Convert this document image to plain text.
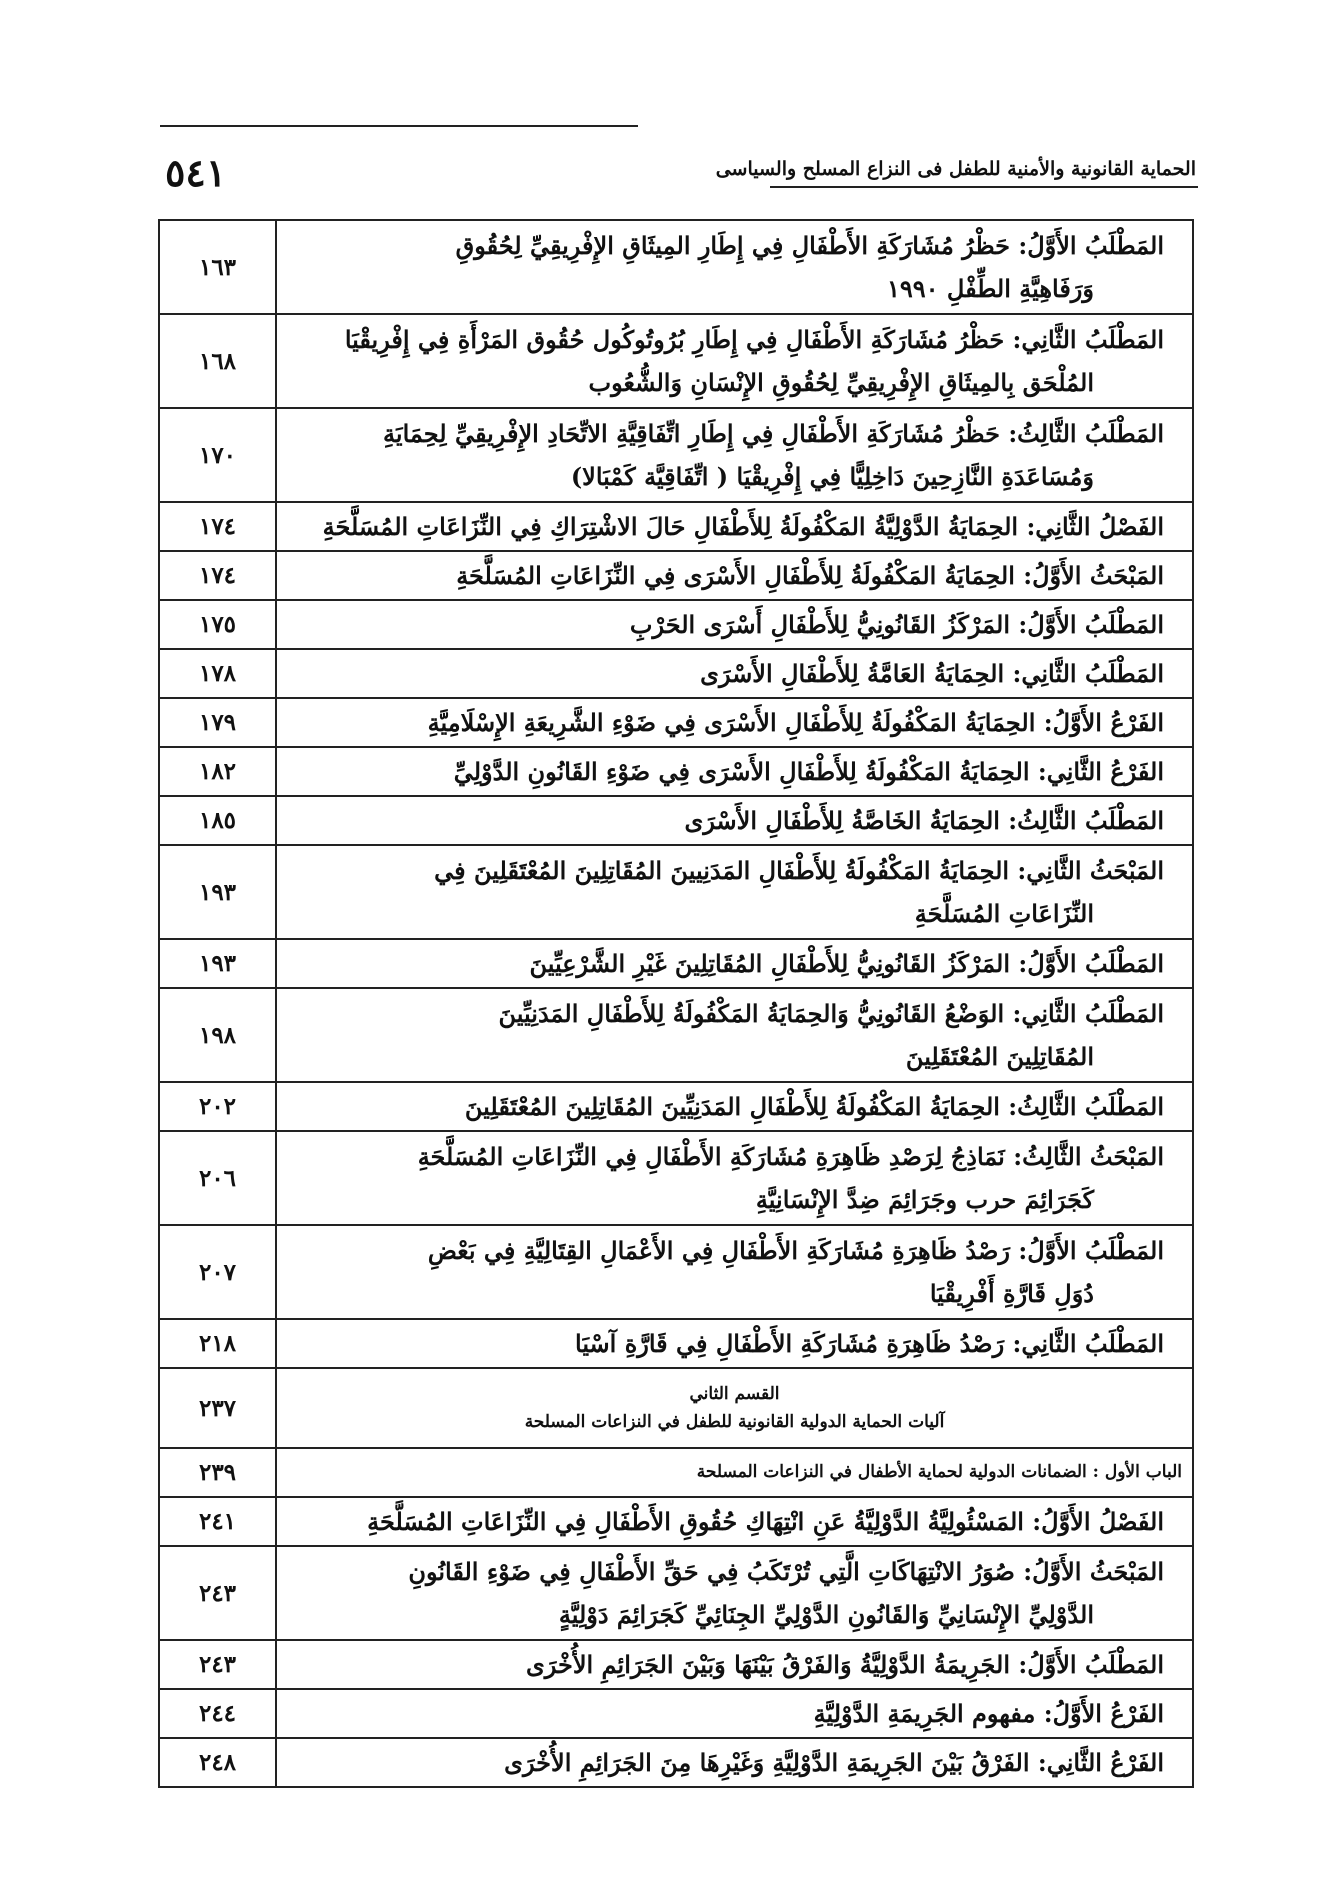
٥٤١	الحماية القانونية والأمنية للطفل فى النزاع المسلح والسياسى
المَطْلَبُ الأَوَّلُ: حَظْرُ مُشَارَكَةِ الأَطْفَالِ فِي إِطَارِ المِيثَاقِ الإِفْرِيقِيِّ لِحُقُوقِ
وَرَفَاهِيَّةِ الطِّفْلِ ١٩٩٠	١٦٣

المَطْلَبُ الثَّانِي: حَظْرُ مُشَارَكَةِ الأَطْفَالِ فِي إِطَارِ بُرُوتُوكُول حُقُوق المَرْأَةِ فِي إِفْرِيقْيَا
المُلْحَق بِالمِيثَاقِ الإِفْرِيقِيِّ لِحُقُوقِ الإِنْسَانِ وَالشُّعُوب	١٦٨

المَطْلَبُ الثَّالِثُ: حَظْرُ مُشَارَكَةِ الأَطْفَالِ فِي إِطَارِ اتِّفَاقِيَّةِ الاتِّحَادِ الإِفْرِيقِيِّ لِحِمَايَةِ
وَمُسَاعَدَةِ النَّازِحِينَ دَاخِلِيًّا فِي إِفْرِيقْيَا ( اتِّفَاقِيَّة كَمْبَالا)	١٧٠

الفَصْلُ الثَّانِي: الحِمَايَةُ الدَّوْلِيَّةُ المَكْفُولَةُ لِلأَطْفَالِ حَالَ الاشْتِرَاكِ فِي النِّزَاعَاتِ المُسَلَّحَةِ	١٧٤

المَبْحَثُ الأَوَّلُ: الحِمَايَةُ المَكْفُولَةُ لِلأَطْفَالِ الأَسْرَى فِي النِّزَاعَاتِ المُسَلَّحَةِ	١٧٤

المَطْلَبُ الأَوَّلُ: المَرْكَزُ القَانُونِيُّ لِلأَطْفَالِ أَسْرَى الحَرْبِ	١٧٥

المَطْلَبُ الثَّانِي: الحِمَايَةُ العَامَّةُ لِلأَطْفَالِ الأَسْرَى	١٧٨

الفَرْعُ الأَوَّلُ: الحِمَايَةُ المَكْفُولَةُ لِلأَطْفَالِ الأَسْرَى فِي ضَوْءِ الشَّرِيعَةِ الإِسْلَامِيَّةِ	١٧٩

الفَرْعُ الثَّانِي: الحِمَايَةُ المَكْفُولَةُ لِلأَطْفَالِ الأَسْرَى فِي ضَوْءِ القَانُونِ الدَّوْلِيِّ	١٨٢

المَطْلَبُ الثَّالِثُ: الحِمَايَةُ الخَاصَّةُ لِلأَطْفَالِ الأَسْرَى	١٨٥

المَبْحَثُ الثَّانِي: الحِمَايَةُ المَكْفُولَةُ لِلأَطْفَالِ المَدَنِيينَ المُقَاتِلِينَ المُعْتَقَلِينَ فِي
النِّزَاعَاتِ المُسَلَّحَةِ	١٩٣

المَطْلَبُ الأَوَّلُ: المَرْكَزُ القَانُونِيُّ لِلأَطْفَالِ المُقَاتِلِينَ غَيْرِ الشَّرْعِيِّينَ	١٩٣

المَطْلَبُ الثَّانِي: الوَضْعُ القَانُونِيُّ وَالحِمَايَةُ المَكْفُولَةُ لِلأَطْفَالِ المَدَنِيِّينَ
المُقَاتِلِينَ المُعْتَقَلِينَ	١٩٨

المَطْلَبُ الثَّالِثُ: الحِمَايَةُ المَكْفُولَةُ لِلأَطْفَالِ المَدَنِيِّينَ المُقَاتِلِينَ المُعْتَقَلِينَ	٢٠٢

المَبْحَثُ الثَّالِثُ: نَمَاذِجُ لِرَصْدِ ظَاهِرَةِ مُشَارَكَةِ الأَطْفَالِ فِي النِّزَاعَاتِ المُسَلَّحَةِ
كَجَرَائِمَ حرب وجَرَائِمَ ضِدَّ الإِنْسَانِيَّةِ	٢٠٦

المَطْلَبُ الأَوَّلُ: رَصْدُ ظَاهِرَةِ مُشَارَكَةِ الأَطْفَالِ فِي الأَعْمَالِ القِتَالِيَّةِ فِي بَعْضِ
دُوَلِ قَارَّةِ أَفْرِيقْيَا	٢٠٧

المَطْلَبُ الثَّانِي: رَصْدُ ظَاهِرَةِ مُشَارَكَةِ الأَطْفَالِ فِي قَارَّةِ آسْيَا	٢١٨

القسم الثاني
آليات الحماية الدولية القانونية للطفل في النزاعات المسلحة	٢٣٧

الباب الأول : الضمانات الدولية لحماية الأطفال في النزاعات المسلحة	٢٣٩

الفَصْلُ الأَوَّلُ: المَسْئُولِيَّةُ الدَّوْلِيَّةُ عَنِ انْتِهَاكِ حُقُوقِ الأَطْفَالِ فِي النِّزَاعَاتِ المُسَلَّحَةِ	٢٤١

المَبْحَثُ الأَوَّلُ: صُوَرُ الانْتِهَاكَاتِ الَّتِي تُرْتَكَبُ فِي حَقِّ الأَطْفَالِ فِي ضَوْءِ القَانُونِ
الدَّوْلِيِّ الإِنْسَانِيِّ وَالقَانُونِ الدَّوْلِيِّ الجِنَائِيِّ كَجَرَائِمَ دَوْلِيَّةٍ	٢٤٣

المَطْلَبُ الأَوَّلُ: الجَرِيمَةُ الدَّوْلِيَّةُ وَالفَرْقُ بَيْنَهَا وَبَيْنَ الجَرَائِمِ الأُخْرَى	٢٤٣

الفَرْعُ الأَوَّلُ: مفهوم الجَرِيمَةِ الدَّوْلِيَّةِ	٢٤٤

الفَرْعُ الثَّانِي: الفَرْقُ بَيْنَ الجَرِيمَةِ الدَّوْلِيَّةِ وَغَيْرِهَا مِنَ الجَرَائِمِ الأُخْرَى	٢٤٨
